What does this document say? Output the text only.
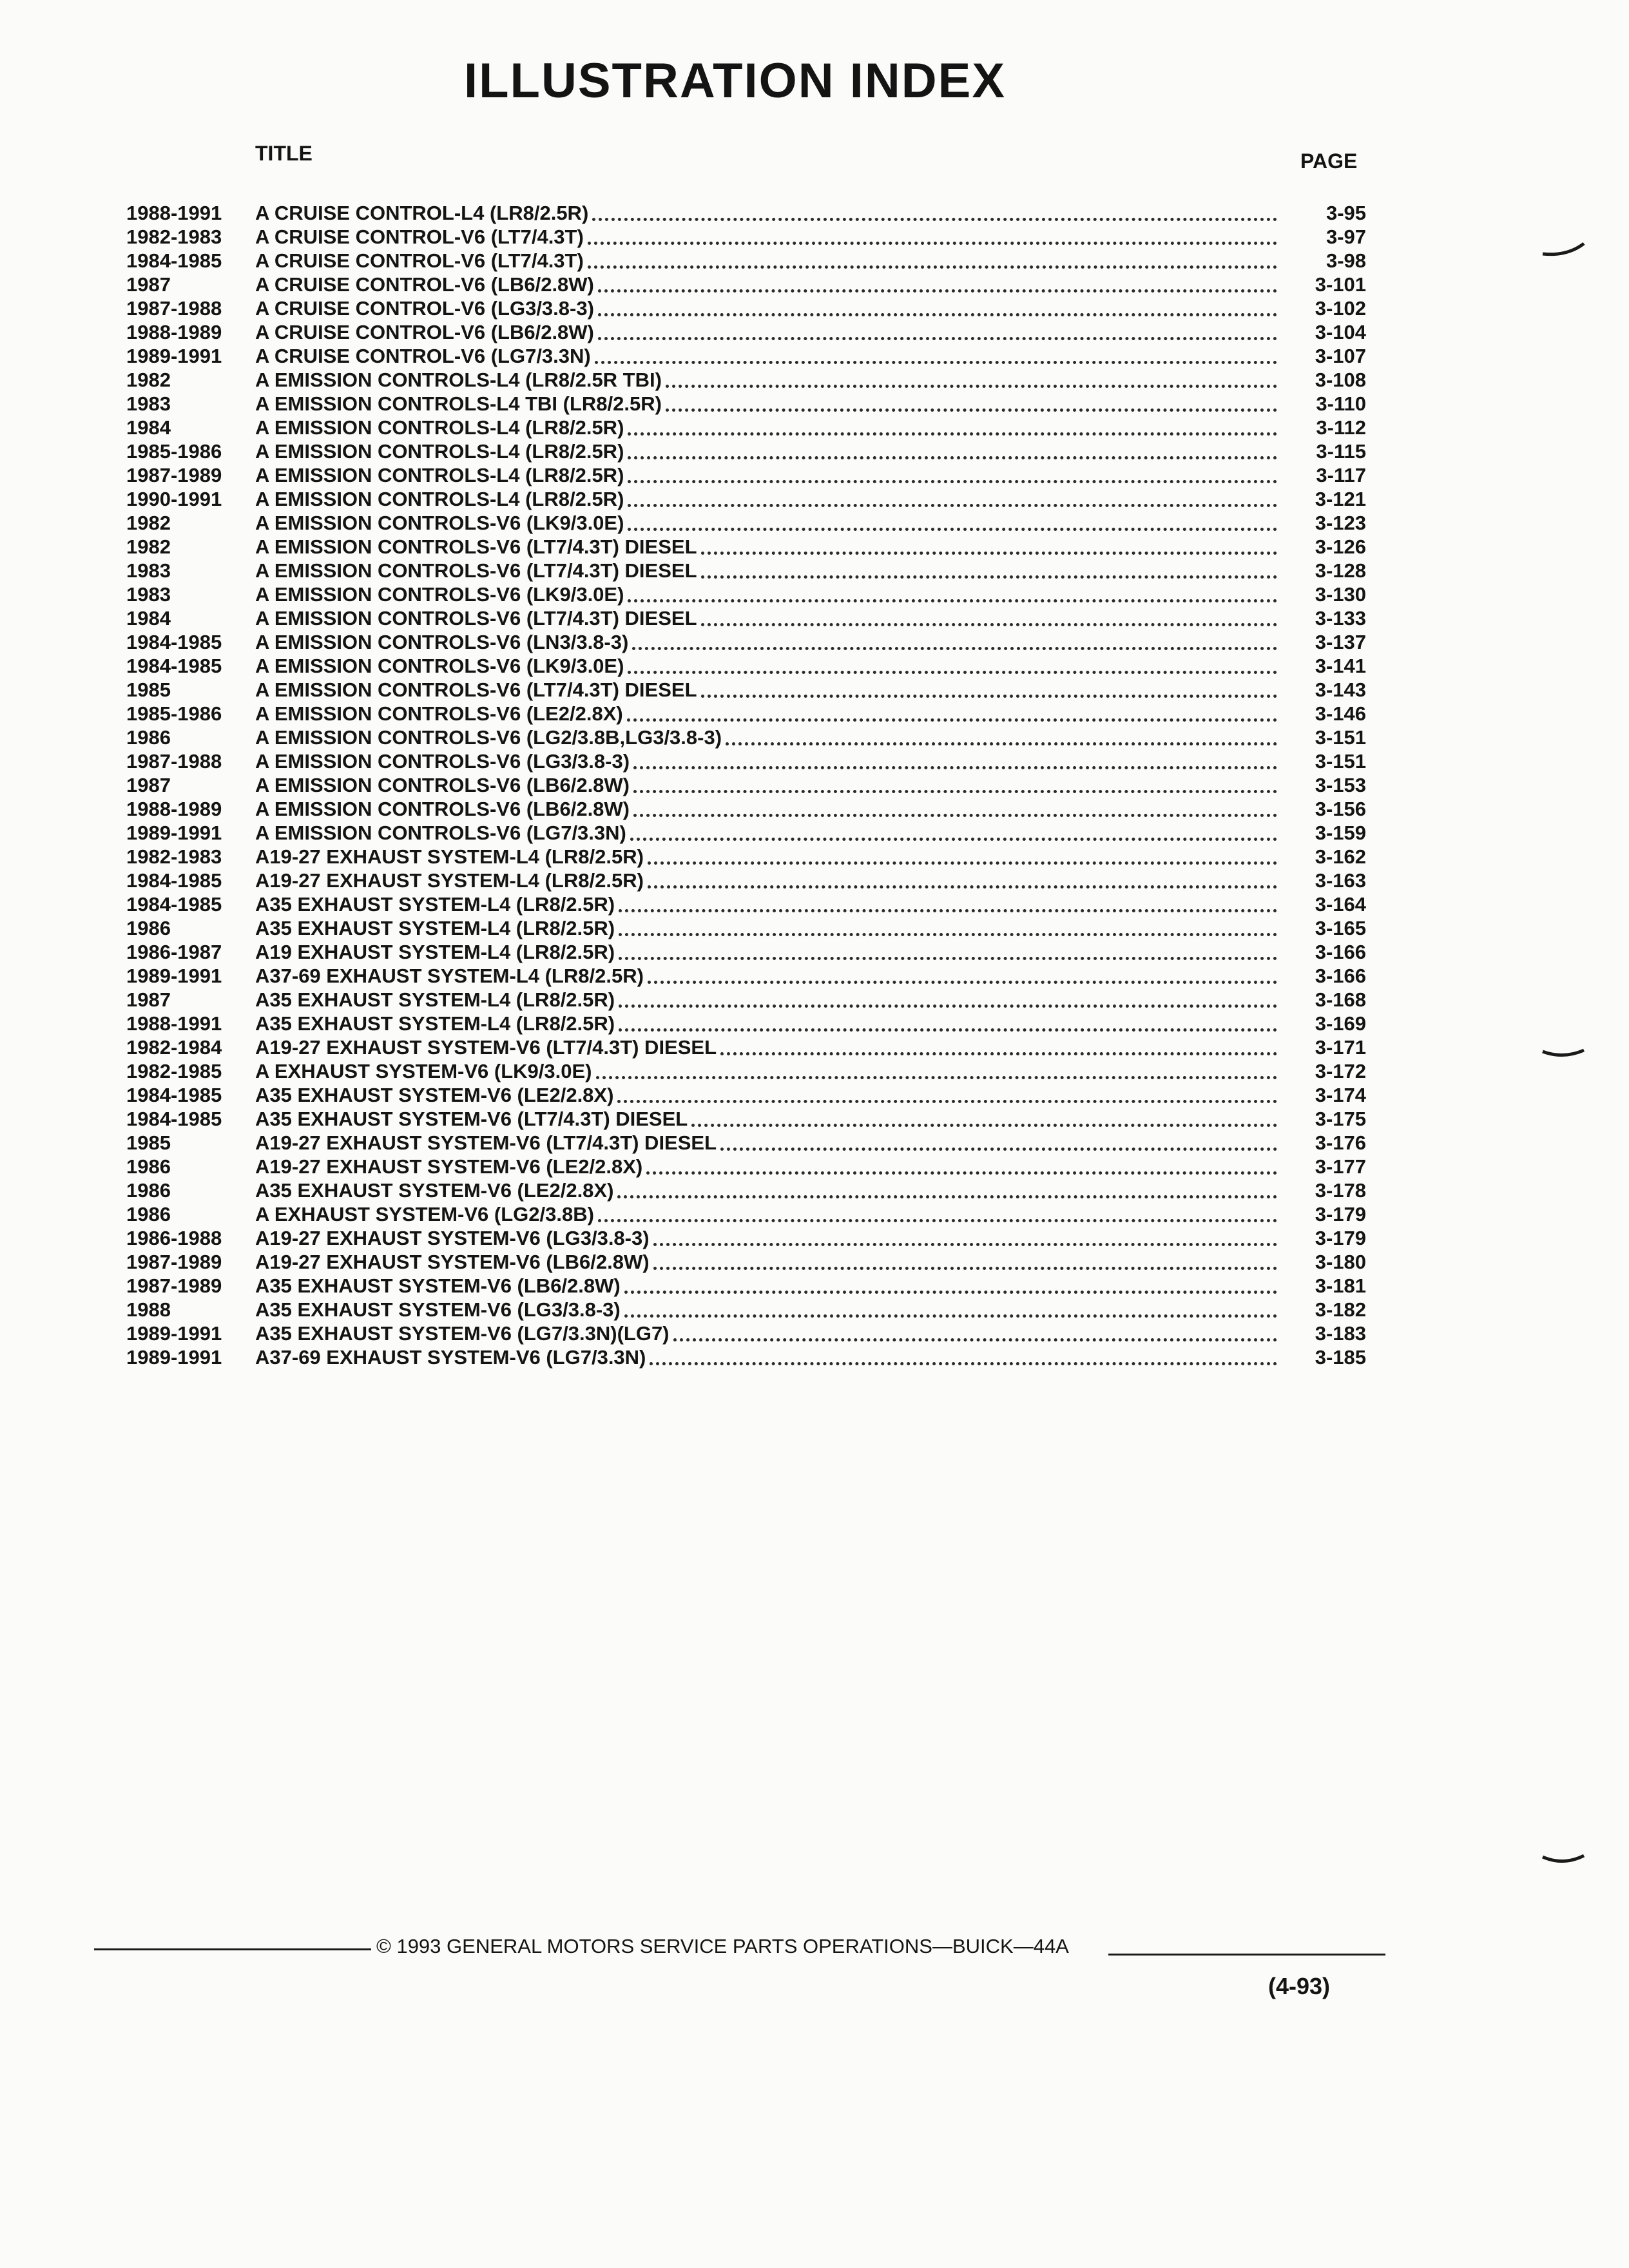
ILLUSTRATION INDEX
TITLE	PAGE
1988-1991	A CRUISE CONTROL-L4 (LR8/2.5R)	3-95
1982-1983	A CRUISE CONTROL-V6 (LT7/4.3T)	3-97
1984-1985	A CRUISE CONTROL-V6 (LT7/4.3T)	3-98
1987	A CRUISE CONTROL-V6 (LB6/2.8W)	3-101
1987-1988	A CRUISE CONTROL-V6 (LG3/3.8-3)	3-102
1988-1989	A CRUISE CONTROL-V6 (LB6/2.8W)	3-104
1989-1991	A CRUISE CONTROL-V6 (LG7/3.3N)	3-107
1982	A EMISSION CONTROLS-L4 (LR8/2.5R TBI)	3-108
1983	A EMISSION CONTROLS-L4 TBI (LR8/2.5R)	3-110
1984	A EMISSION CONTROLS-L4 (LR8/2.5R)	3-112
1985-1986	A EMISSION CONTROLS-L4 (LR8/2.5R)	3-115
1987-1989	A EMISSION CONTROLS-L4 (LR8/2.5R)	3-117
1990-1991	A EMISSION CONTROLS-L4 (LR8/2.5R)	3-121
1982	A EMISSION CONTROLS-V6 (LK9/3.0E)	3-123
1982	A EMISSION CONTROLS-V6 (LT7/4.3T) DIESEL	3-126
1983	A EMISSION CONTROLS-V6 (LT7/4.3T) DIESEL	3-128
1983	A EMISSION CONTROLS-V6 (LK9/3.0E)	3-130
1984	A EMISSION CONTROLS-V6 (LT7/4.3T) DIESEL	3-133
1984-1985	A EMISSION CONTROLS-V6 (LN3/3.8-3)	3-137
1984-1985	A EMISSION CONTROLS-V6 (LK9/3.0E)	3-141
1985	A EMISSION CONTROLS-V6 (LT7/4.3T) DIESEL	3-143
1985-1986	A EMISSION CONTROLS-V6 (LE2/2.8X)	3-146
1986	A EMISSION CONTROLS-V6 (LG2/3.8B,LG3/3.8-3)	3-151
1987-1988	A EMISSION CONTROLS-V6 (LG3/3.8-3)	3-151
1987	A EMISSION CONTROLS-V6 (LB6/2.8W)	3-153
1988-1989	A EMISSION CONTROLS-V6 (LB6/2.8W)	3-156
1989-1991	A EMISSION CONTROLS-V6 (LG7/3.3N)	3-159
1982-1983	A19-27 EXHAUST SYSTEM-L4 (LR8/2.5R)	3-162
1984-1985	A19-27 EXHAUST SYSTEM-L4 (LR8/2.5R)	3-163
1984-1985	A35 EXHAUST SYSTEM-L4 (LR8/2.5R)	3-164
1986	A35 EXHAUST SYSTEM-L4 (LR8/2.5R)	3-165
1986-1987	A19 EXHAUST SYSTEM-L4 (LR8/2.5R)	3-166
1989-1991	A37-69 EXHAUST SYSTEM-L4 (LR8/2.5R)	3-166
1987	A35 EXHAUST SYSTEM-L4 (LR8/2.5R)	3-168
1988-1991	A35 EXHAUST SYSTEM-L4 (LR8/2.5R)	3-169
1982-1984	A19-27 EXHAUST SYSTEM-V6 (LT7/4.3T) DIESEL	3-171
1982-1985	A EXHAUST SYSTEM-V6 (LK9/3.0E)	3-172
1984-1985	A35 EXHAUST SYSTEM-V6 (LE2/2.8X)	3-174
1984-1985	A35 EXHAUST SYSTEM-V6 (LT7/4.3T) DIESEL	3-175
1985	A19-27 EXHAUST SYSTEM-V6 (LT7/4.3T) DIESEL	3-176
1986	A19-27 EXHAUST SYSTEM-V6 (LE2/2.8X)	3-177
1986	A35 EXHAUST SYSTEM-V6 (LE2/2.8X)	3-178
1986	A EXHAUST SYSTEM-V6 (LG2/3.8B)	3-179
1986-1988	A19-27 EXHAUST SYSTEM-V6 (LG3/3.8-3)	3-179
1987-1989	A19-27 EXHAUST SYSTEM-V6 (LB6/2.8W)	3-180
1987-1989	A35 EXHAUST SYSTEM-V6 (LB6/2.8W)	3-181
1988	A35 EXHAUST SYSTEM-V6 (LG3/3.8-3)	3-182
1989-1991	A35 EXHAUST SYSTEM-V6 (LG7/3.3N)(LG7)	3-183
1989-1991	A37-69 EXHAUST SYSTEM-V6 (LG7/3.3N)	3-185
© 1993 GENERAL MOTORS SERVICE PARTS OPERATIONS—BUICK—44A
(4-93)
